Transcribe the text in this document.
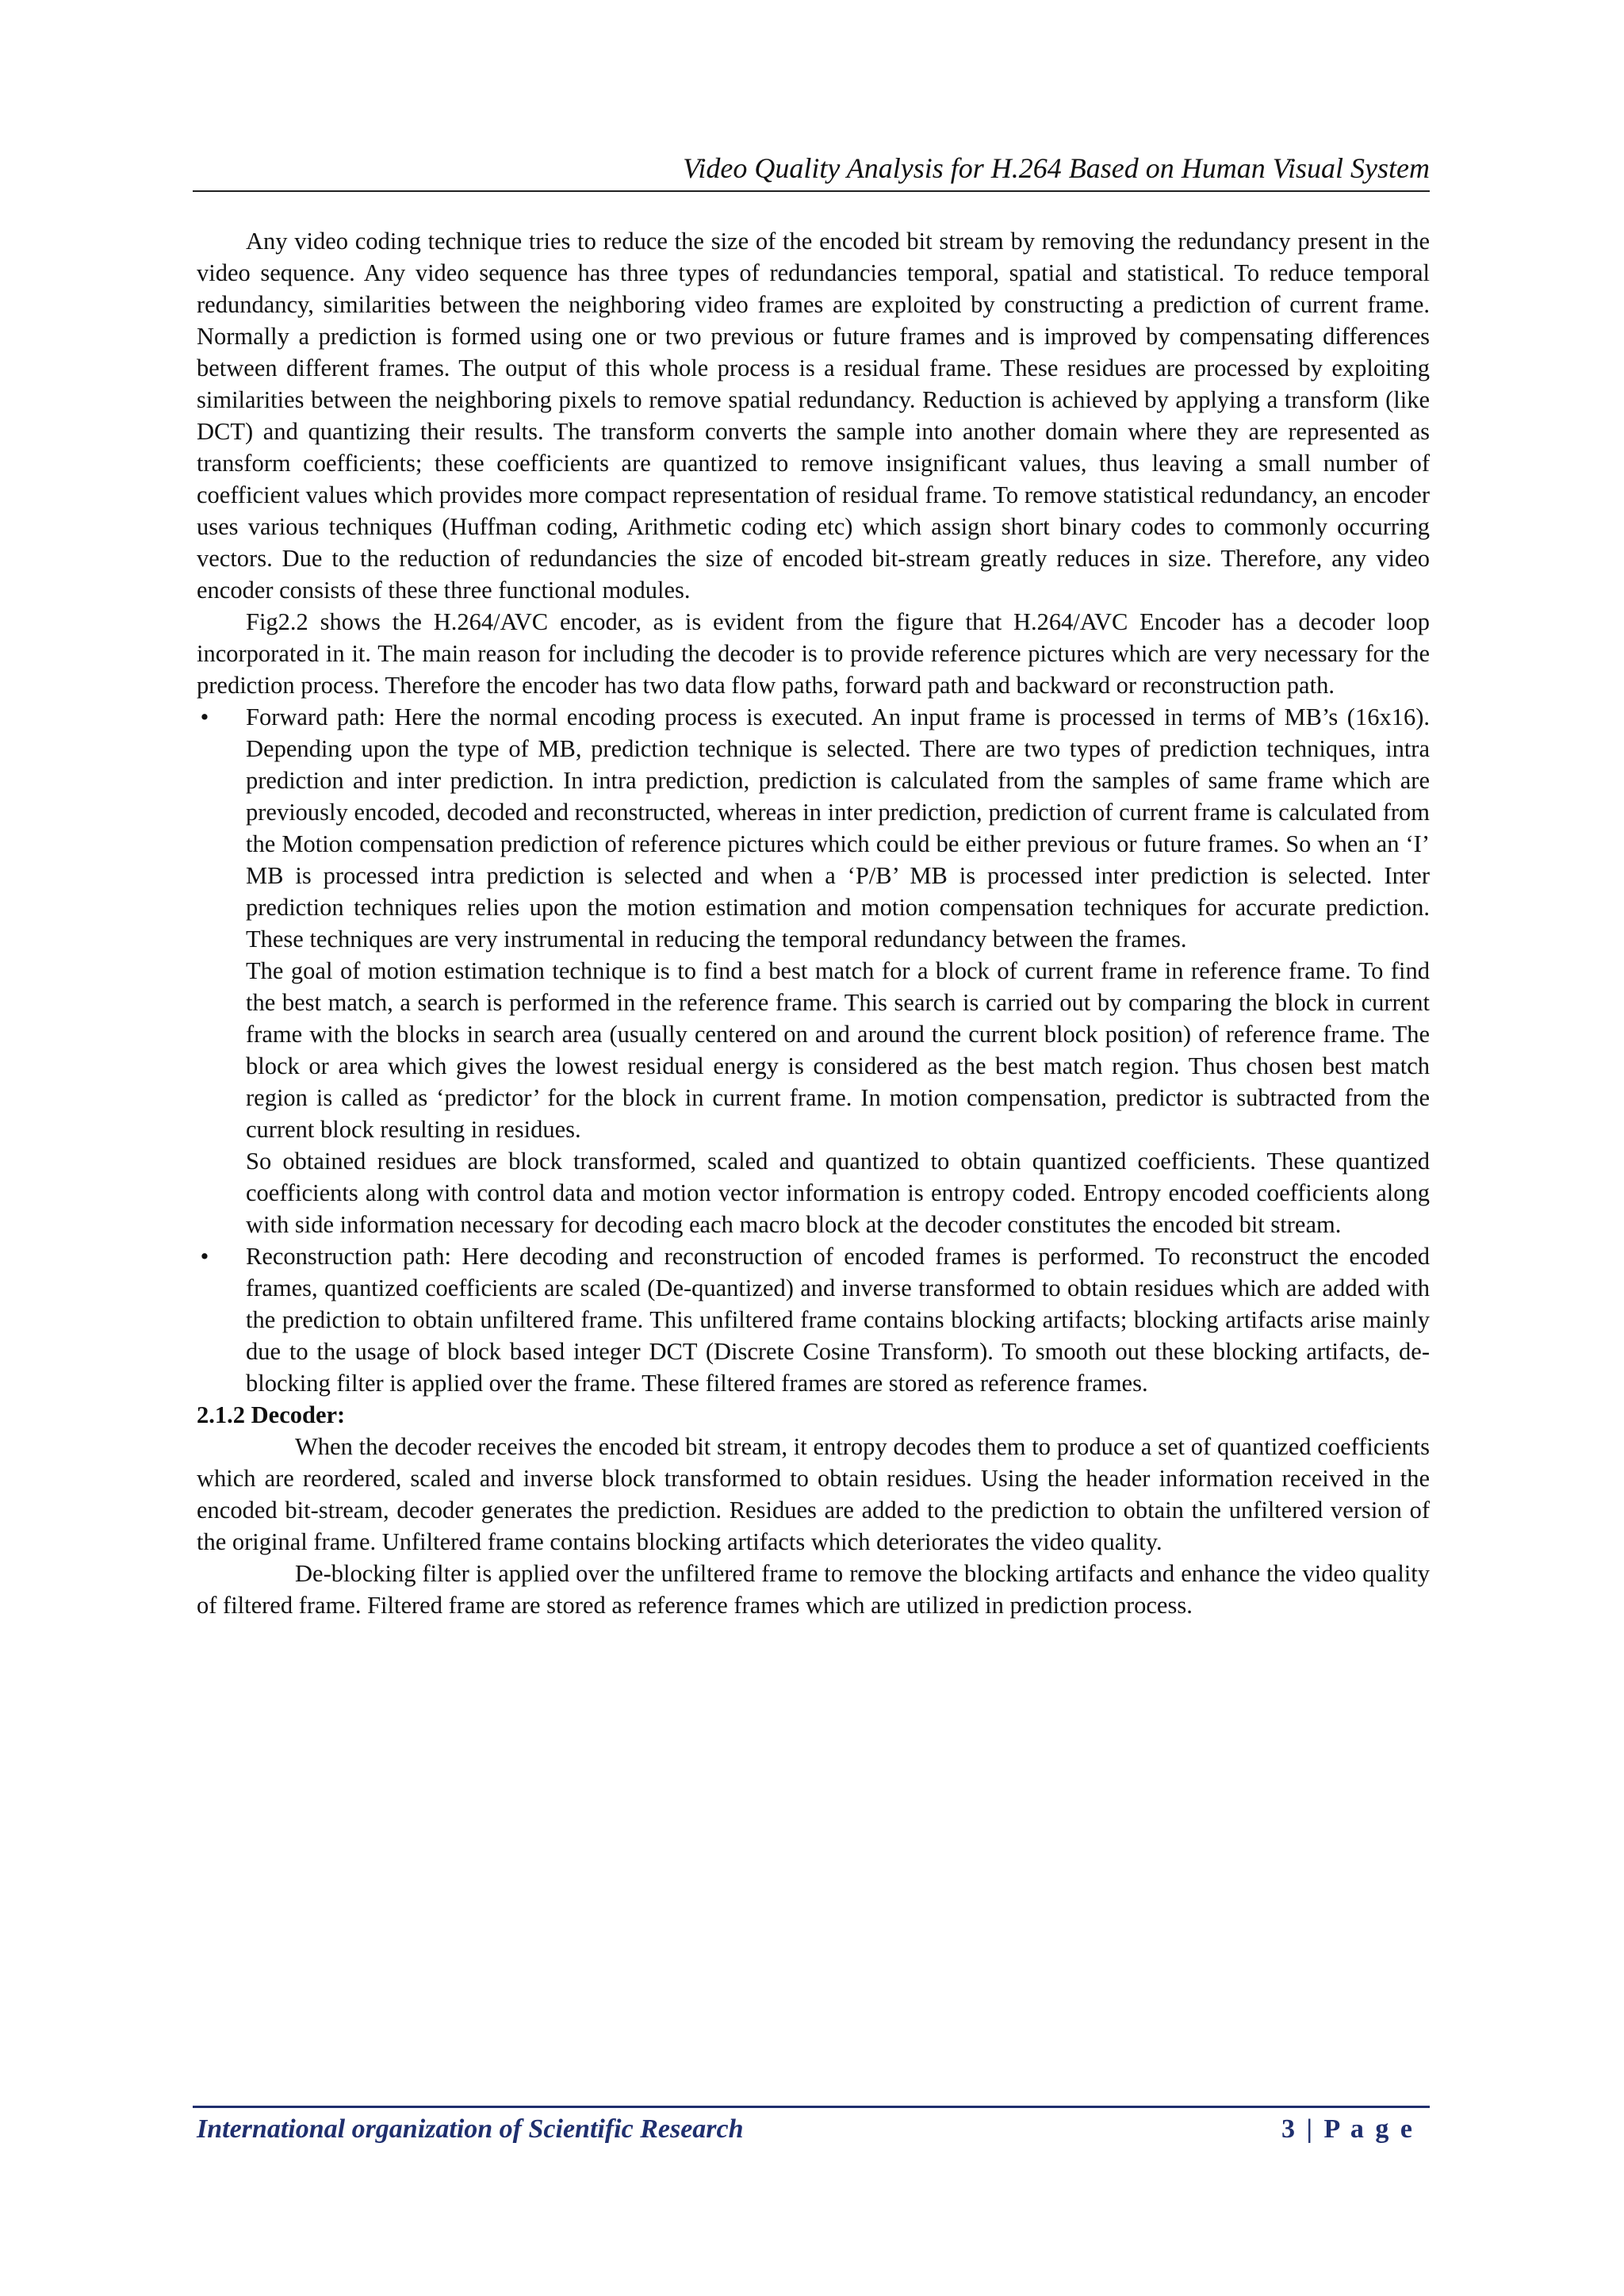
Video Quality Analysis for H.264 Based on Human Visual System

Any video coding technique tries to reduce the size of the encoded bit stream by removing the redundancy present in the video sequence. Any video sequence has three types of redundancies temporal, spatial and statistical. To reduce temporal redundancy, similarities between the neighboring video frames are exploited by constructing a prediction of current frame. Normally a prediction is formed using one or two previous or future frames and is improved by compensating differences between different frames. The output of this whole process is a residual frame. These residues are processed by exploiting similarities between the neighboring pixels to remove spatial redundancy. Reduction is achieved by applying a transform (like DCT) and quantizing their results. The transform converts the sample into another domain where they are represented as transform coefficients; these coefficients are quantized to remove insignificant values, thus leaving a small number of coefficient values which provides more compact representation of residual frame. To remove statistical redundancy, an encoder uses various techniques (Huffman coding, Arithmetic coding etc) which assign short binary codes to commonly occurring vectors. Due to the reduction of redundancies the size of encoded bit-stream greatly reduces in size. Therefore, any video encoder consists of these three functional modules.

Fig2.2 shows the H.264/AVC encoder, as is evident from the figure that H.264/AVC Encoder has a decoder loop incorporated in it. The main reason for including the decoder is to provide reference pictures which are very necessary for the prediction process. Therefore the encoder has two data flow paths, forward path and backward or reconstruction path.

• Forward path: Here the normal encoding process is executed. An input frame is processed in terms of MB’s (16x16). Depending upon the type of MB, prediction technique is selected. There are two types of prediction techniques, intra prediction and inter prediction. In intra prediction, prediction is calculated from the samples of same frame which are previously encoded, decoded and reconstructed, whereas in inter prediction, prediction of current frame is calculated from the Motion compensation prediction of reference pictures which could be either previous or future frames. So when an ‘I’ MB is processed intra prediction is selected and when a ‘P/B’ MB is processed inter prediction is selected. Inter prediction techniques relies upon the motion estimation and motion compensation techniques for accurate prediction. These techniques are very instrumental in reducing the temporal redundancy between the frames.

The goal of motion estimation technique is to find a best match for a block of current frame in reference frame. To find the best match, a search is performed in the reference frame. This search is carried out by comparing the block in current frame with the blocks in search area (usually centered on and around the current block position) of reference frame. The block or area which gives the lowest residual energy is considered as the best match region. Thus chosen best match region is called as ‘predictor’ for the block in current frame. In motion compensation, predictor is subtracted from the current block resulting in residues.

So obtained residues are block transformed, scaled and quantized to obtain quantized coefficients. These quantized coefficients along with control data and motion vector information is entropy coded. Entropy encoded coefficients along with side information necessary for decoding each macro block at the decoder constitutes the encoded bit stream.

• Reconstruction path: Here decoding and reconstruction of encoded frames is performed. To reconstruct the encoded frames, quantized coefficients are scaled (De-quantized) and inverse transformed to obtain residues which are added with the prediction to obtain unfiltered frame. This unfiltered frame contains blocking artifacts; blocking artifacts arise mainly due to the usage of block based integer DCT (Discrete Cosine Transform). To smooth out these blocking artifacts, de-blocking filter is applied over the frame. These filtered frames are stored as reference frames.

2.1.2 Decoder:

When the decoder receives the encoded bit stream, it entropy decodes them to produce a set of quantized coefficients which are reordered, scaled and inverse block transformed to obtain residues. Using the header information received in the encoded bit-stream, decoder generates the prediction. Residues are added to the prediction to obtain the unfiltered version of the original frame. Unfiltered frame contains blocking artifacts which deteriorates the video quality.

De-blocking filter is applied over the unfiltered frame to remove the blocking artifacts and enhance the video quality of filtered frame. Filtered frame are stored as reference frames which are utilized in prediction process.

International organization of Scientific Research	3 | P a g e
